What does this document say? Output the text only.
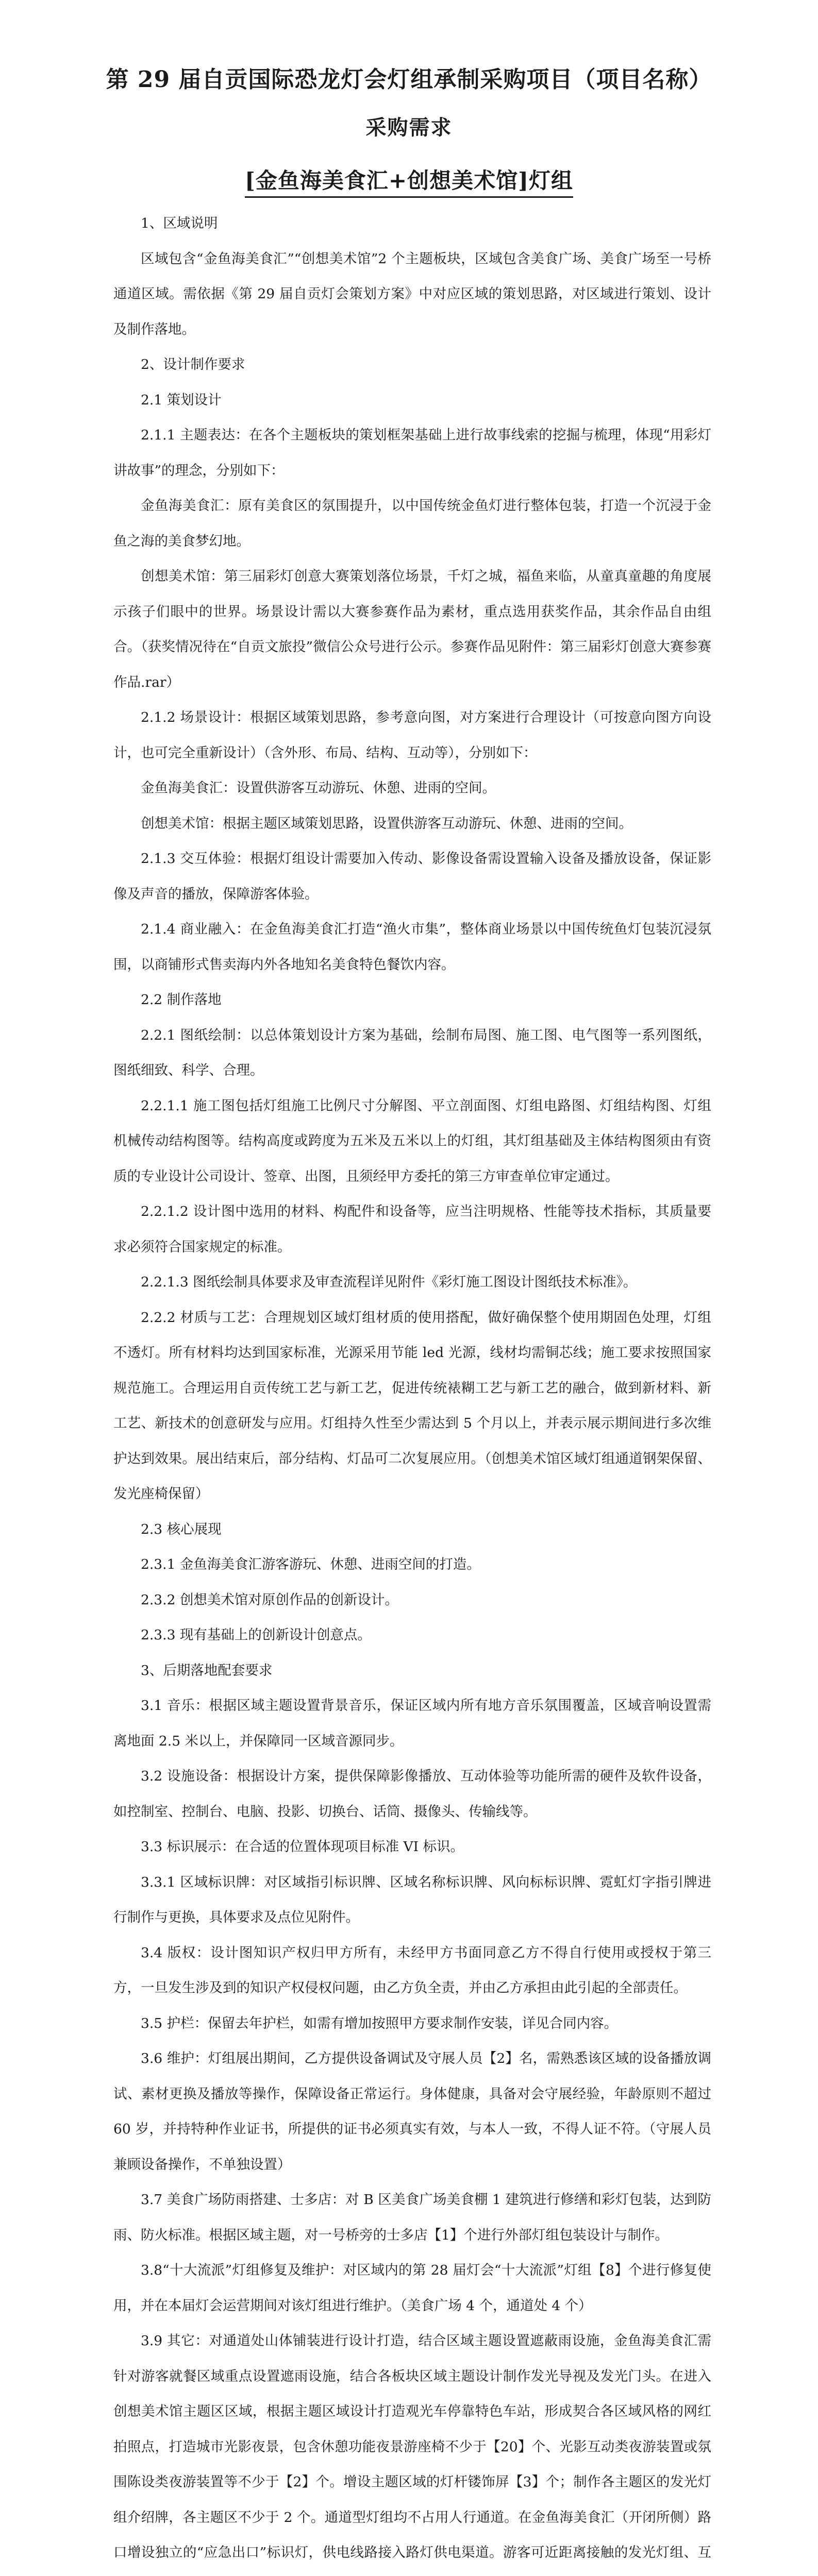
第 29 届自贡国际恐龙灯会灯组承制采购项目（项目名称）
采购需求
[金鱼海美食汇+创想美术馆]灯组

1、区域说明

区域包含“金鱼海美食汇”“创想美术馆”2 个主题板块，区域包含美食广场、美食广场至一号桥通道区域。需依据《第 29 届自贡灯会策划方案》中对应区域的策划思路，对区域进行策划、设计及制作落地。

2、设计制作要求

2.1 策划设计

2.1.1 主题表达：在各个主题板块的策划框架基础上进行故事线索的挖掘与梳理，体现“用彩灯讲故事”的理念，分别如下：

金鱼海美食汇：原有美食区的氛围提升，以中国传统金鱼灯进行整体包装，打造一个沉浸于金鱼之海的美食梦幻地。

创想美术馆：第三届彩灯创意大赛策划落位场景，千灯之城，福鱼来临，从童真童趣的角度展示孩子们眼中的世界。场景设计需以大赛参赛作品为素材，重点选用获奖作品，其余作品自由组合。（获奖情况待在“自贡文旅投”微信公众号进行公示。参赛作品见附件：第三届彩灯创意大赛参赛作品.rar）

2.1.2 场景设计：根据区域策划思路，参考意向图，对方案进行合理设计（可按意向图方向设计，也可完全重新设计）（含外形、布局、结构、互动等），分别如下：

金鱼海美食汇：设置供游客互动游玩、休憩、进雨的空间。

创想美术馆：根据主题区域策划思路，设置供游客互动游玩、休憩、进雨的空间。

2.1.3 交互体验：根据灯组设计需要加入传动、影像设备需设置输入设备及播放设备，保证影像及声音的播放，保障游客体验。

2.1.4 商业融入：在金鱼海美食汇打造“渔火市集”，整体商业场景以中国传统鱼灯包装沉浸氛围，以商铺形式售卖海内外各地知名美食特色餐饮内容。

2.2 制作落地

2.2.1 图纸绘制：以总体策划设计方案为基础，绘制布局图、施工图、电气图等一系列图纸，图纸细致、科学、合理。

2.2.1.1 施工图包括灯组施工比例尺寸分解图、平立剖面图、灯组电路图、灯组结构图、灯组机械传动结构图等。结构高度或跨度为五米及五米以上的灯组，其灯组基础及主体结构图须由有资质的专业设计公司设计、签章、出图，且须经甲方委托的第三方审查单位审定通过。

2.2.1.2 设计图中选用的材料、构配件和设备等，应当注明规格、性能等技术指标，其质量要求必须符合国家规定的标准。

2.2.1.3 图纸绘制具体要求及审查流程详见附件《彩灯施工图设计图纸技术标准》。

2.2.2 材质与工艺：合理规划区域灯组材质的使用搭配，做好确保整个使用期固色处理，灯组不透灯。所有材料均达到国家标准，光源采用节能 led 光源，线材均需铜芯线；施工要求按照国家规范施工。合理运用自贡传统工艺与新工艺，促进传统裱糊工艺与新工艺的融合，做到新材料、新工艺、新技术的创意研发与应用。灯组持久性至少需达到 5 个月以上，并表示展示期间进行多次维护达到效果。展出结束后，部分结构、灯品可二次复展应用。（创想美术馆区域灯组通道钢架保留、发光座椅保留）

2.3 核心展现

2.3.1 金鱼海美食汇游客游玩、休憩、进雨空间的打造。

2.3.2 创想美术馆对原创作品的创新设计。

2.3.3 现有基础上的创新设计创意点。

3、后期落地配套要求

3.1 音乐：根据区域主题设置背景音乐，保证区域内所有地方音乐氛围覆盖，区域音响设置需离地面 2.5 米以上，并保障同一区域音源同步。

3.2 设施设备：根据设计方案，提供保障影像播放、互动体验等功能所需的硬件及软件设备，如控制室、控制台、电脑、投影、切换台、话筒、摄像头、传输线等。

3.3 标识展示：在合适的位置体现项目标准 VI 标识。

3.3.1 区域标识牌：对区域指引标识牌、区域名称标识牌、风向标标识牌、霓虹灯字指引牌进行制作与更换，具体要求及点位见附件。

3.4 版权：设计图知识产权归甲方所有，未经甲方书面同意乙方不得自行使用或授权于第三方，一旦发生涉及到的知识产权侵权问题，由乙方负全责，并由乙方承担由此引起的全部责任。

3.5 护栏：保留去年护栏，如需有增加按照甲方要求制作安装，详见合同内容。

3.6 维护：灯组展出期间，乙方提供设备调试及守展人员【2】名，需熟悉该区域的设备播放调试、素材更换及播放等操作，保障设备正常运行。身体健康，具备对会守展经验，年龄原则不超过 60 岁，并持特种作业证书，所提供的证书必须真实有效，与本人一致，不得人证不符。（守展人员兼顾设备操作，不单独设置）

3.7 美食广场防雨搭建、士多店：对 B 区美食广场美食棚 1 建筑进行修缮和彩灯包装，达到防雨、防火标准。根据区域主题，对一号桥旁的士多店【1】个进行外部灯组包装设计与制作。

3.8“十大流派”灯组修复及维护：对区域内的第 28 届灯会“十大流派”灯组【8】个进行修复使用，并在本届灯会运营期间对该灯组进行维护。（美食广场 4 个，通道处 4 个）

3.9 其它：对通道处山体铺装进行设计打造，结合区域主题设置遮蔽雨设施，金鱼海美食汇需针对游客就餐区域重点设置遮雨设施，结合各板块区域主题设计制作发光导视及发光门头。在进入创想美术馆主题区区域，根据主题区域设计打造观光车停靠特色车站，形成契合各区域风格的网红拍照点，打造城市光影夜景，包含休憩功能夜景游座椅不少于【20】个、光影互动类夜游装置或氛围陈设类夜游装置等不少于【2】个。增设主题区域的灯杆镂饰屏【3】个；制作各主题区的发光灯组介绍牌，各主题区不少于 2 个。通道型灯组均不占用人行通道。在金鱼海美食汇（开闭所侧）路口增设独立的“应急出口”标识灯，供电线路接入路灯供电渠道。游客可近距离接触的发光灯组、互
